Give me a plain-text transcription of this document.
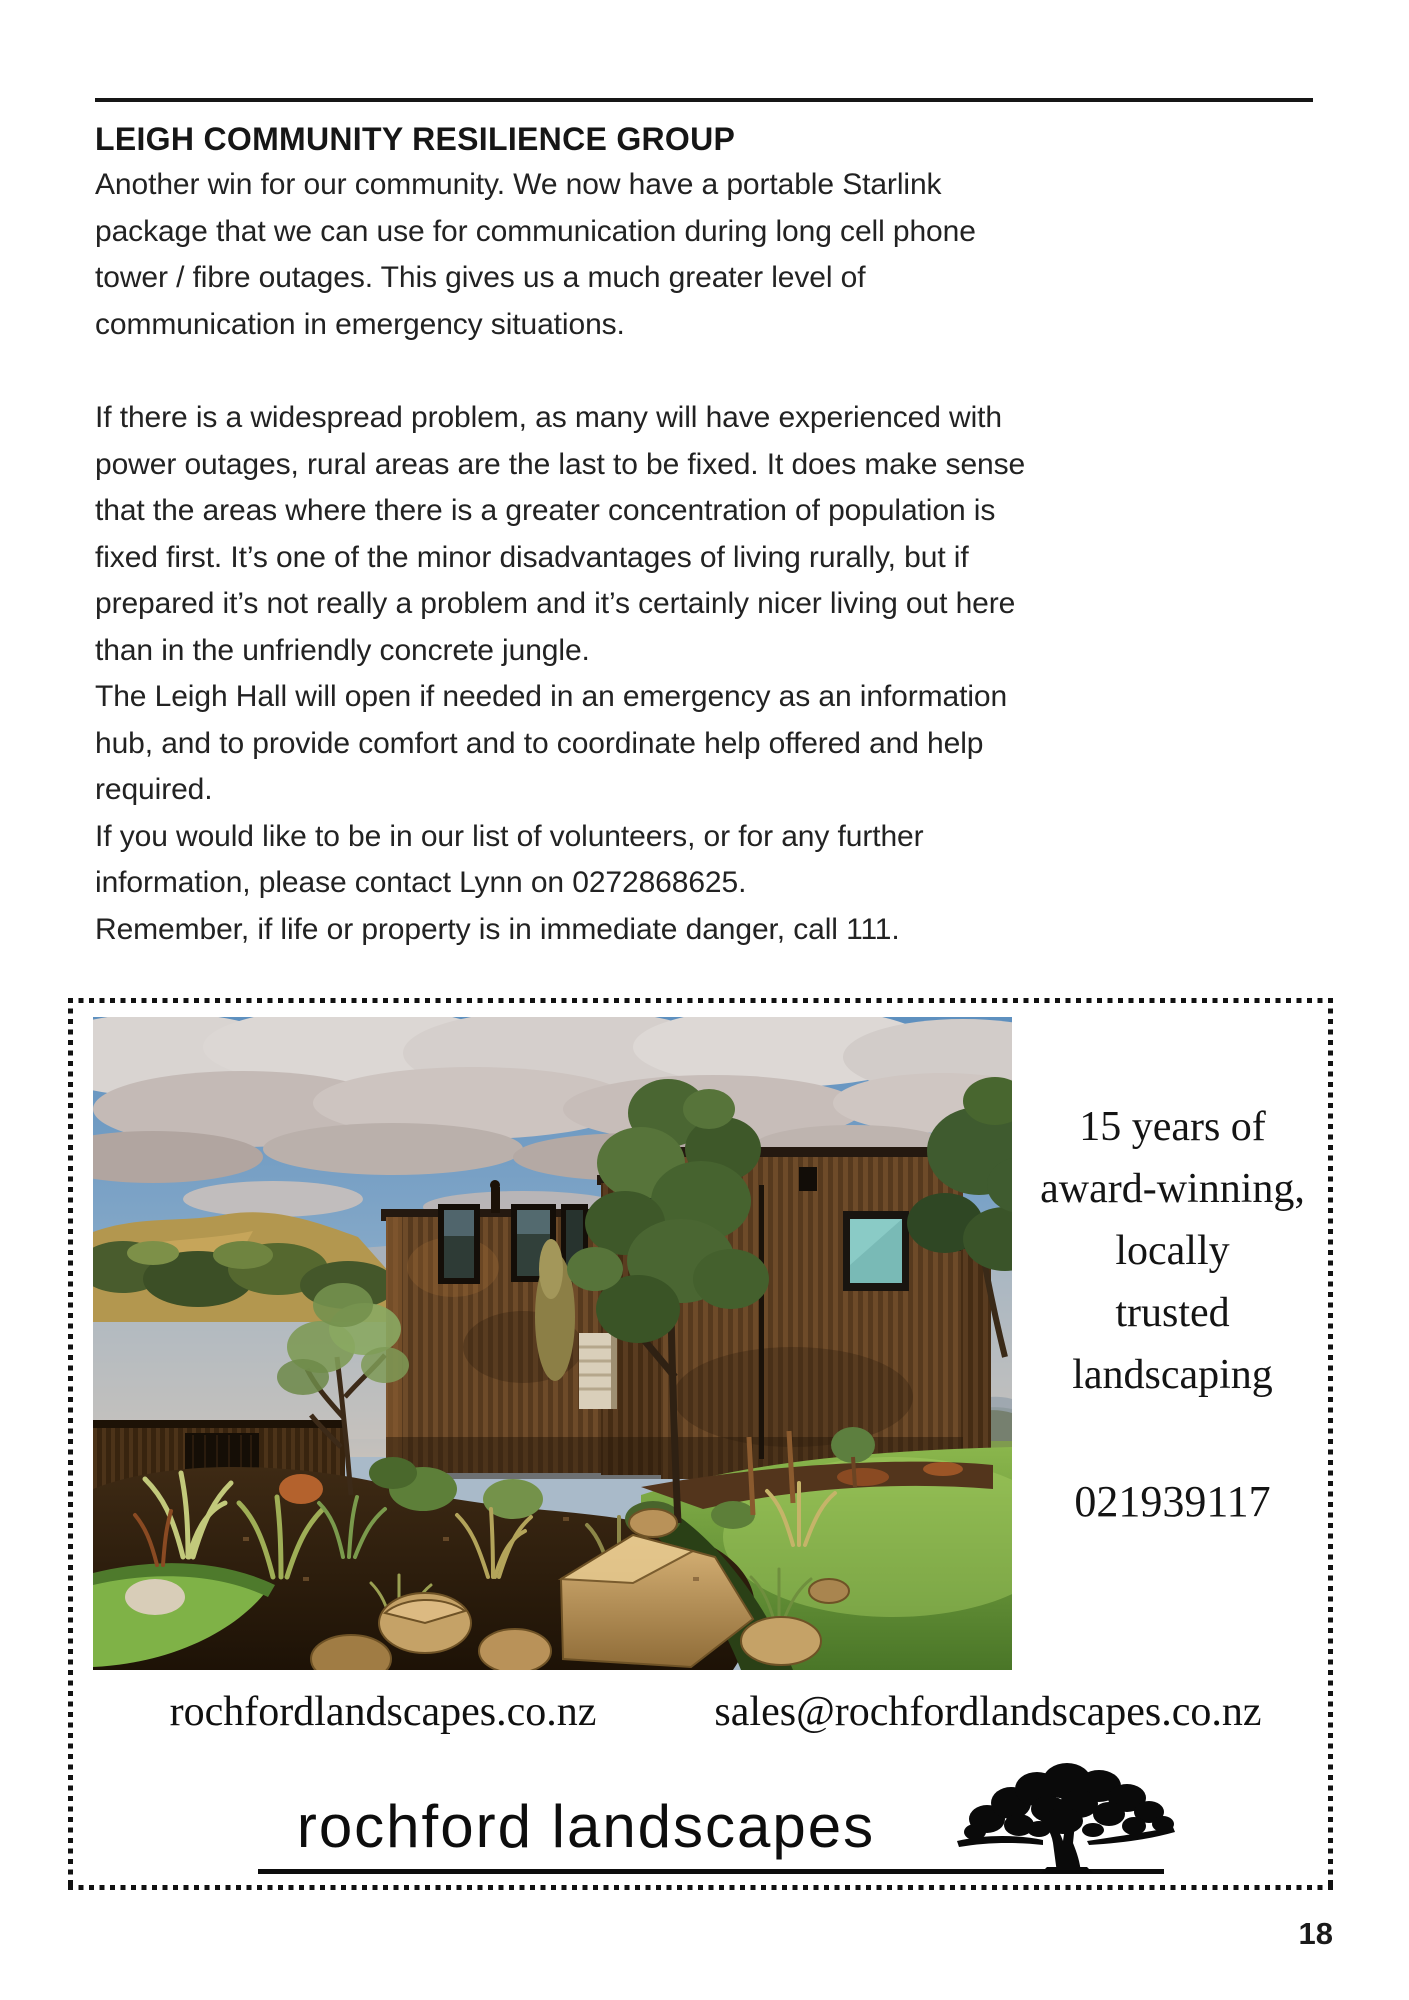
LEIGH COMMUNITY RESILIENCE GROUP
Another win for our community. We now have a portable Starlink
package that we can use for communication during long cell phone
tower / fibre outages. This gives us a much greater level of
communication in emergency situations.
If there is a widespread problem, as many will have experienced with
power outages, rural areas are the last to be fixed. It does make sense
that the areas where there is a greater concentration of population is
fixed first. It’s one of the minor disadvantages of living rurally, but if
prepared it’s not really a problem and it’s certainly nicer living out here
than in the unfriendly concrete jungle.
The Leigh Hall will open if needed in an emergency as an information
hub, and to provide comfort and to coordinate help offered and help
required.
If you would like to be in our list of volunteers, or for any further
information, please contact Lynn on 0272868625.
Remember, if life or property is in immediate danger, call 111.
15 years of
award-winning,
locally
trusted
landscaping
021939117
rochfordlandscapes.co.nz	sales@rochfordlandscapes.co.nz
rochford landscapes
18
